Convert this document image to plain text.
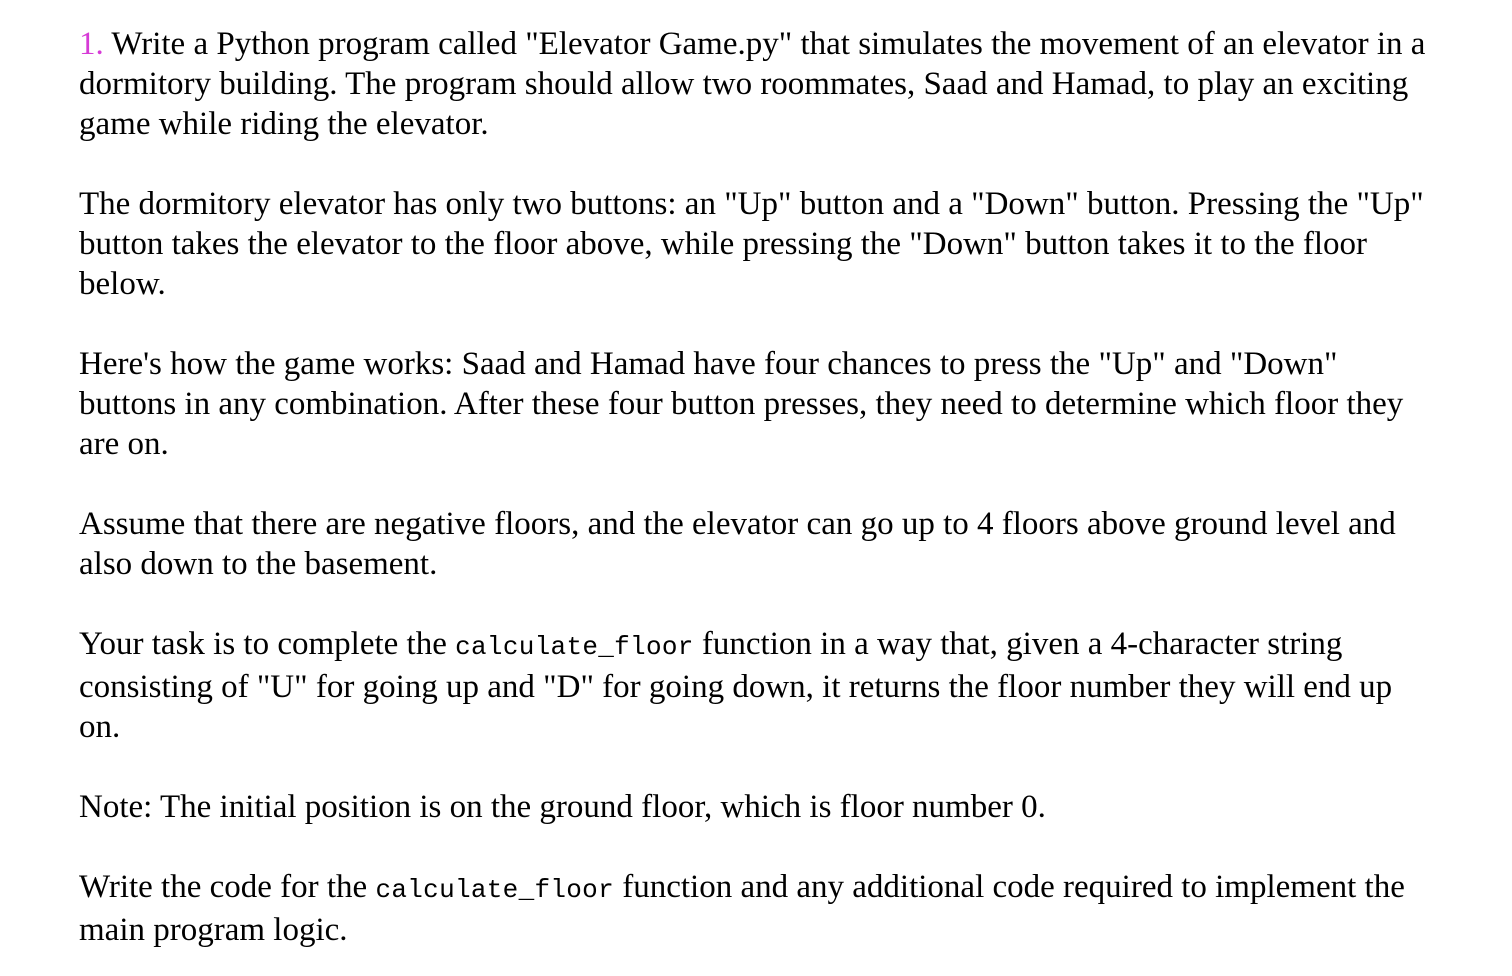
1. Write a Python program called "Elevator Game.py" that simulates the movement of an elevator in a dormitory building. The program should allow two roommates, Saad and Hamad, to play an exciting game while riding the elevator.

The dormitory elevator has only two buttons: an "Up" button and a "Down" button. Pressing the "Up" button takes the elevator to the floor above, while pressing the "Down" button takes it to the floor below.

Here's how the game works: Saad and Hamad have four chances to press the "Up" and "Down" buttons in any combination. After these four button presses, they need to determine which floor they are on.

Assume that there are negative floors, and the elevator can go up to 4 floors above ground level and also down to the basement.

Your task is to complete the calculate_floor function in a way that, given a 4-character string consisting of "U" for going up and "D" for going down, it returns the floor number they will end up on.

Note: The initial position is on the ground floor, which is floor number 0.

Write the code for the calculate_floor function and any additional code required to implement the main program logic.
